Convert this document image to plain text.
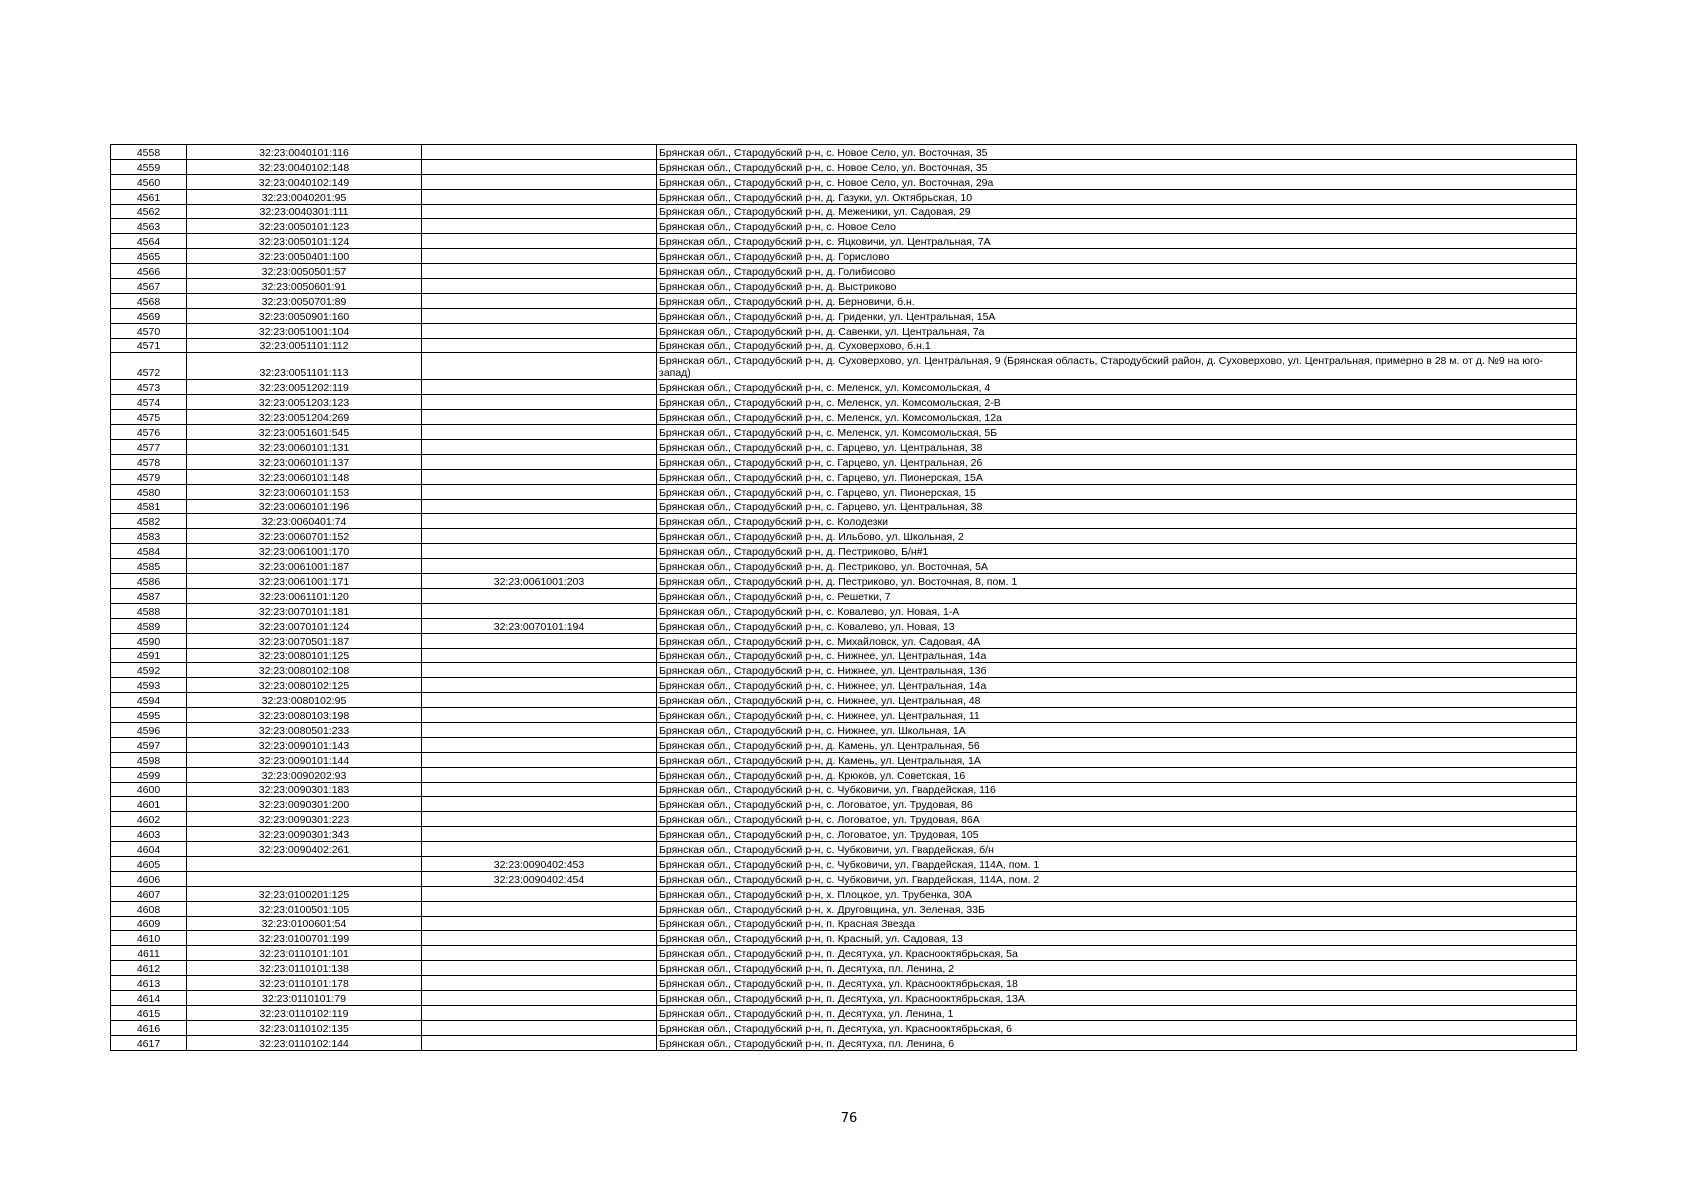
4558	32:23:0040101:116		Брянская обл., Стародубский р-н, с. Новое Село, ул. Восточная, 35
4559	32:23:0040102:148		Брянская обл., Стародубский р-н, с. Новое Село, ул. Восточная, 35
4560	32:23:0040102:149		Брянская обл., Стародубский р-н, с. Новое Село, ул. Восточная, 29а
4561	32:23:0040201:95		Брянская обл., Стародубский р-н, д. Газуки, ул. Октябрьская, 10
4562	32:23:0040301:111		Брянская обл., Стародубский р-н, д. Меженики, ул. Садовая, 29
4563	32:23:0050101:123		Брянская обл., Стародубский р-н, с. Новое Село
4564	32:23:0050101:124		Брянская обл., Стародубский р-н, с. Яцковичи, ул. Центральная, 7А
4565	32:23:0050401:100		Брянская обл., Стародубский р-н, д. Горислово
4566	32:23:0050501:57		Брянская обл., Стародубский р-н, д. Голибисово
4567	32:23:0050601:91		Брянская обл., Стародубский р-н, д. Выстриково
4568	32:23:0050701:89		Брянская обл., Стародубский р-н, д. Берновичи, б.н.
4569	32:23:0050901:160		Брянская обл., Стародубский р-н, д. Гриденки, ул. Центральная, 15А
4570	32:23:0051001:104		Брянская обл., Стародубский р-н, д. Савенки, ул. Центральная, 7а
4571	32:23:0051101:112		Брянская обл., Стародубский р-н, д. Суховерхово, б.н.1
4572	32:23:0051101:113		Брянская обл., Стародубский р-н, д. Суховерхово, ул. Центральная, 9 (Брянская область, Стародубский район, д. Суховерхово, ул. Центральная, примерно в 28 м. от д. №9 на юго-запад)
4573	32:23:0051202:119		Брянская обл., Стародубский р-н, с. Меленск, ул. Комсомольская, 4
4574	32:23:0051203:123		Брянская обл., Стародубский р-н, с. Меленск, ул. Комсомольская, 2-В
4575	32:23:0051204:269		Брянская обл., Стародубский р-н, с. Меленск, ул. Комсомольская, 12а
4576	32:23:0051601:545		Брянская обл., Стародубский р-н, с. Меленск, ул. Комсомольская, 5Б
4577	32:23:0060101:131		Брянская обл., Стародубский р-н, с. Гарцево, ул. Центральная, 38
4578	32:23:0060101:137		Брянская обл., Стародубский р-н, с. Гарцево, ул. Центральная, 26
4579	32:23:0060101:148		Брянская обл., Стародубский р-н, с. Гарцево, ул. Пионерская, 15А
4580	32:23:0060101:153		Брянская обл., Стародубский р-н, с. Гарцево, ул. Пионерская, 15
4581	32:23:0060101:196		Брянская обл., Стародубский р-н, с. Гарцево, ул. Центральная, 38
4582	32:23:0060401:74		Брянская обл., Стародубский р-н, с. Колодезки
4583	32:23:0060701:152		Брянская обл., Стародубский р-н, д. Ильбово, ул. Школьная, 2
4584	32:23:0061001:170		Брянская обл., Стародубский р-н, д. Пестриково, Б/н#1
4585	32:23:0061001:187		Брянская обл., Стародубский р-н, д. Пестриково, ул. Восточная, 5А
4586	32:23:0061001:171	32:23:0061001:203	Брянская обл., Стародубский р-н, д. Пестриково, ул. Восточная, 8, пом. 1
4587	32:23:0061101:120		Брянская обл., Стародубский р-н, с. Решетки, 7
4588	32:23:0070101:181		Брянская обл., Стародубский р-н, с. Ковалево, ул. Новая, 1-А
4589	32:23:0070101:124	32:23:0070101:194	Брянская обл., Стародубский р-н, с. Ковалево, ул. Новая, 13
4590	32:23:0070501:187		Брянская обл., Стародубский р-н, с. Михайловск, ул. Садовая, 4А
4591	32:23:0080101:125		Брянская обл., Стародубский р-н, с. Нижнее, ул. Центральная, 14а
4592	32:23:0080102:108		Брянская обл., Стародубский р-н, с. Нижнее, ул. Центральная, 13б
4593	32:23:0080102:125		Брянская обл., Стародубский р-н, с. Нижнее, ул. Центральная, 14а
4594	32:23:0080102:95		Брянская обл., Стародубский р-н, с. Нижнее, ул. Центральная, 48
4595	32:23:0080103:198		Брянская обл., Стародубский р-н, с. Нижнее, ул. Центральная, 11
4596	32:23:0080501:233		Брянская обл., Стародубский р-н, с. Нижнее, ул. Школьная, 1А
4597	32:23:0090101:143		Брянская обл., Стародубский р-н, д. Камень, ул. Центральная, 56
4598	32:23:0090101:144		Брянская обл., Стародубский р-н, д. Камень, ул. Центральная, 1А
4599	32:23:0090202:93		Брянская обл., Стародубский р-н, д. Крюков, ул. Советская, 16
4600	32:23:0090301:183		Брянская обл., Стародубский р-н, с. Чубковичи, ул. Гвардейская, 116
4601	32:23:0090301:200		Брянская обл., Стародубский р-н, с. Логоватое, ул. Трудовая, 86
4602	32:23:0090301:223		Брянская обл., Стародубский р-н, с. Логоватое, ул. Трудовая, 86А
4603	32:23:0090301:343		Брянская обл., Стародубский р-н, с. Логоватое, ул. Трудовая, 105
4604	32:23:0090402:261		Брянская обл., Стародубский р-н, с. Чубковичи, ул. Гвардейская, б/н
4605		32:23:0090402:453	Брянская обл., Стародубский р-н, с. Чубковичи, ул. Гвардейская, 114А, пом. 1
4606		32:23:0090402:454	Брянская обл., Стародубский р-н, с. Чубковичи, ул. Гвардейская, 114А, пом. 2
4607	32:23:0100201:125		Брянская обл., Стародубский р-н, х. Плоцкое, ул. Трубенка, 30А
4608	32:23:0100501:105		Брянская обл., Стародубский р-н, х. Друговщина, ул. Зеленая, 33Б
4609	32:23:0100601:54		Брянская обл., Стародубский р-н, п. Красная Звезда
4610	32:23:0100701:199		Брянская обл., Стародубский р-н, п. Красный, ул. Садовая, 13
4611	32:23:0110101:101		Брянская обл., Стародубский р-н, п. Десятуха, ул. Краснооктябрьская, 5а
4612	32:23:0110101:138		Брянская обл., Стародубский р-н, п. Десятуха, пл. Ленина, 2
4613	32:23:0110101:178		Брянская обл., Стародубский р-н, п. Десятуха, ул. Краснооктябрьская, 18
4614	32:23:0110101:79		Брянская обл., Стародубский р-н, п. Десятуха, ул. Краснооктябрьская, 13А
4615	32:23:0110102:119		Брянская обл., Стародубский р-н, п. Десятуха, ул. Ленина, 1
4616	32:23:0110102:135		Брянская обл., Стародубский р-н, п. Десятуха, ул. Краснооктябрьская, 6
4617	32:23:0110102:144		Брянская обл., Стародубский р-н, п. Десятуха, пл. Ленина, 6
76
